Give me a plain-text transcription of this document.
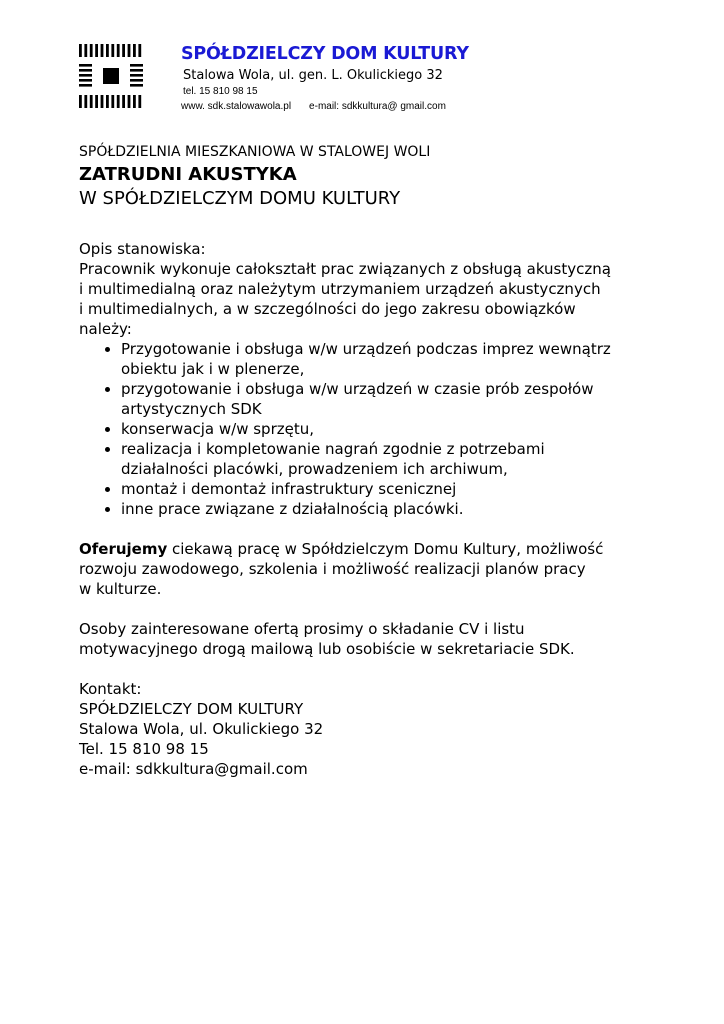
SPÓŁDZIELCZY DOM KULTURY
Stalowa Wola, ul. gen. L. Okulickiego 32
tel. 15 810 98 15
www. sdk.stalowawola.pl e-mail: sdkkultura@ gmail.com
SPÓŁDZIELNIA MIESZKANIOWA W STALOWEJ WOLI
ZATRUDNI AKUSTYKA
W SPÓŁDZIELCZYM DOMU KULTURY

Opis stanowiska:

Pracownik wykonuje całokształt prac związanych z obsługą akustyczną
i multimedialną oraz należytym utrzymaniem urządzeń akustycznych
i multimedialnych, a w szczególności do jego zakresu obowiązków
należy:

• Przygotowanie i obsługa w/w urządzeń podczas imprez wewnątrz
obiektu jak i w plenerze,
• przygotowanie i obsługa w/w urządzeń w czasie prób zespołów
artystycznych SDK
• konserwacja w/w sprzętu,
• realizacja i kompletowanie nagrań zgodnie z potrzebami
działalności placówki, prowadzeniem ich archiwum,
• montaż i demontaż infrastruktury scenicznej
• inne prace związane z działalnością placówki.

Oferujemy ciekawą pracę w Spółdzielczym Domu Kultury, możliwość
rozwoju zawodowego, szkolenia i możliwość realizacji planów pracy
w kulturze.

Osoby zainteresowane ofertą prosimy o składanie CV i listu
motywacyjnego drogą mailową lub osobiście w sekretariacie SDK.

Kontakt:

SPÓŁDZIELCZY DOM KULTURY
Stalowa Wola, ul. Okulickiego 32
Tel. 15 810 98 15
e-mail: sdkkultura@gmail.com
